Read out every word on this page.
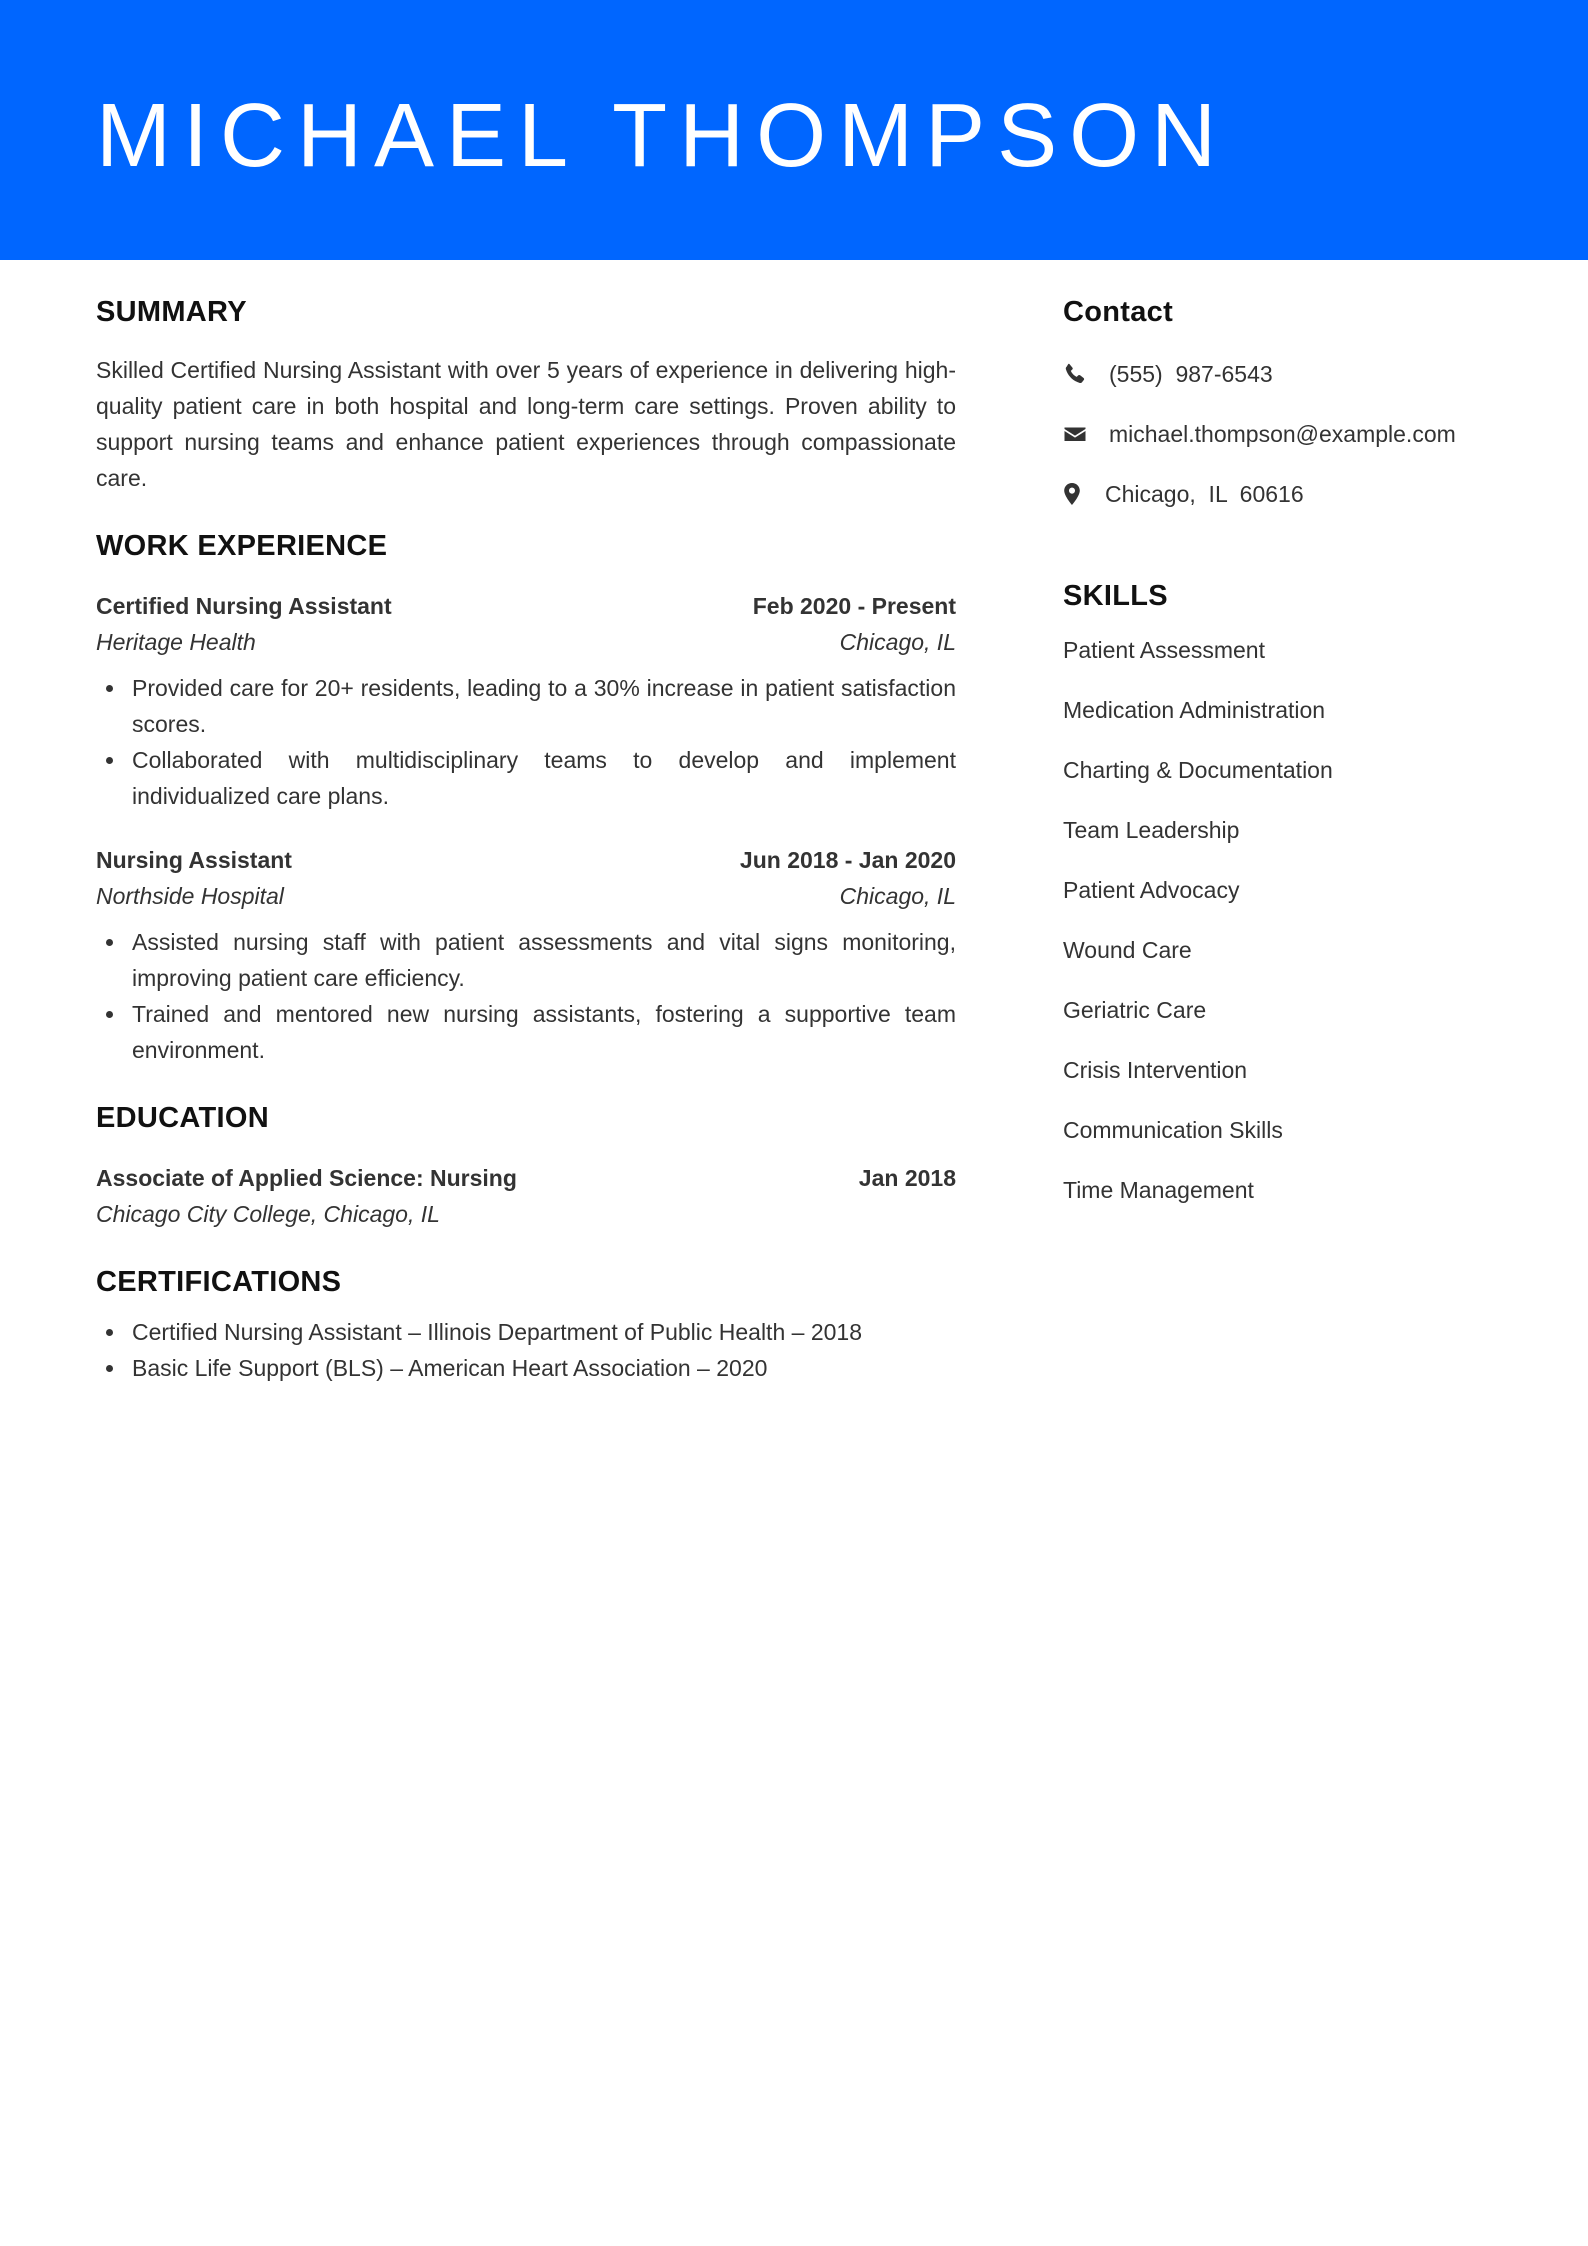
MICHAEL THOMPSON
SUMMARY

Skilled Certified Nursing Assistant with over 5 years of experience in delivering high-quality patient care in both hospital and long-term care settings. Proven ability to support nursing teams and enhance patient experiences through compassionate care.

WORK EXPERIENCE
Certified Nursing Assistant	Feb 2020 - Present
Heritage Health	Chicago, IL
Provided care for 20+ residents, leading to a 30% increase in patient satisfaction scores.
Collaborated with multidisciplinary teams to develop and implement individualized care plans.
Nursing Assistant	Jun 2018 - Jan 2020
Northside Hospital	Chicago, IL
Assisted nursing staff with patient assessments and vital signs monitoring, improving patient care efficiency.
Trained and mentored new nursing assistants, fostering a supportive team environment.
EDUCATION
Associate of Applied Science: Nursing	Jan 2018
Chicago City College, Chicago, IL
CERTIFICATIONS
Certified Nursing Assistant – Illinois Department of Public Health – 2018
Basic Life Support (BLS) – American Heart Association – 2020
Contact
(555)  987-6543
michael.thompson@example.com
Chicago,  IL  60616
SKILLS
Patient Assessment
Medication Administration
Charting & Documentation
Team Leadership
Patient Advocacy
Wound Care
Geriatric Care
Crisis Intervention
Communication Skills
Time Management
